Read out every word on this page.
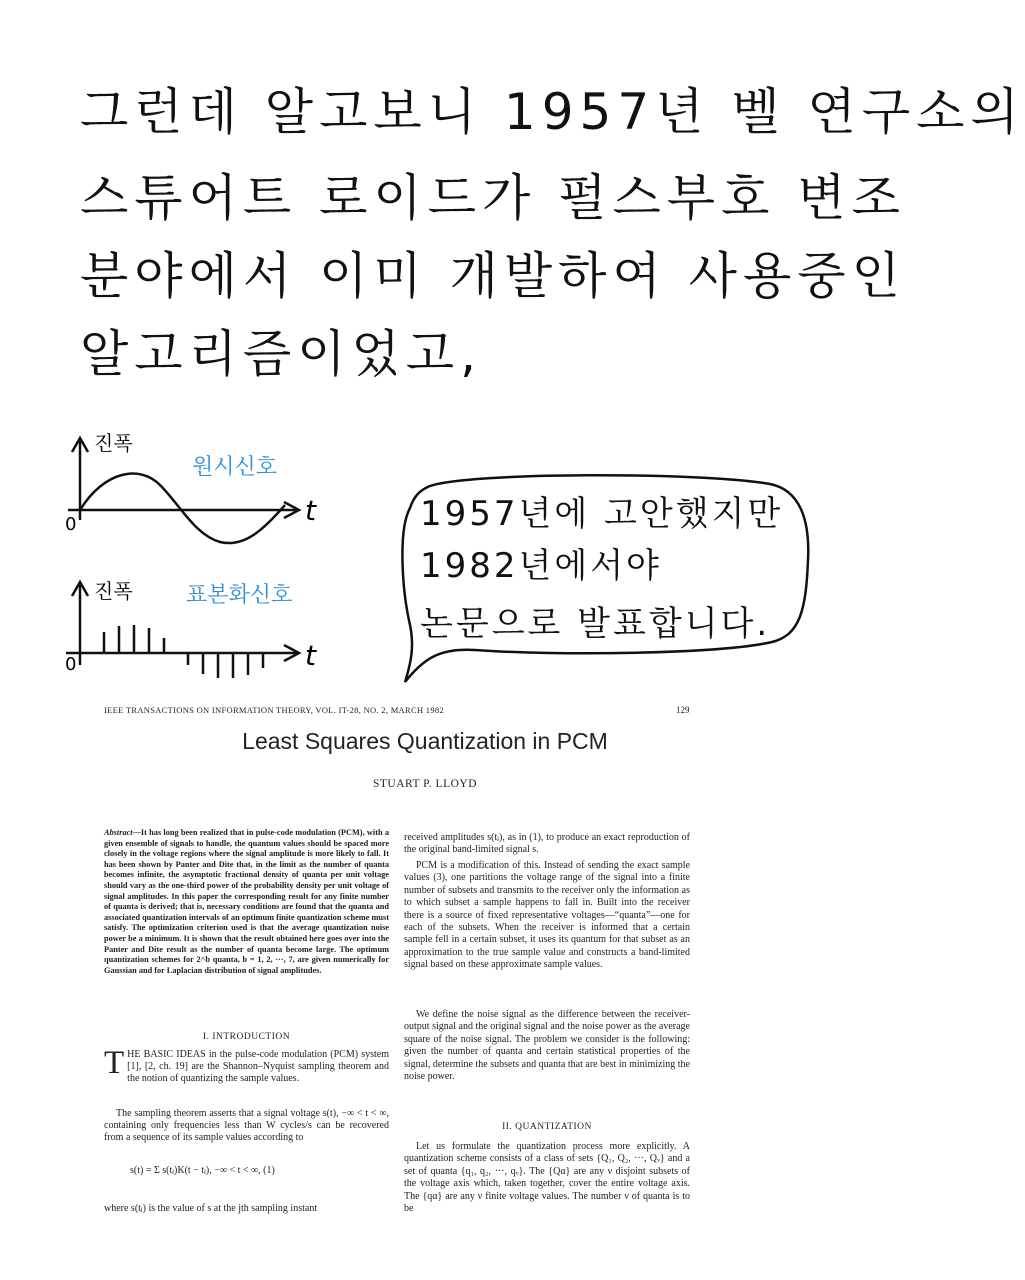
그런데 알고보니 1957년 벨 연구소의
스튜어트 로이드가 펄스부호 변조
분야에서 이미 개발하여 사용중인
알고리즘이었고,
진폭
원시신호
t
0
진폭 표본화신호
t
0
1957년에 고안했지만
1982년에서야
논문으로 발표합니다.
IEEE TRANSACTIONS ON INFORMATION THEORY, VOL. IT-28, NO. 2, MARCH 1982	129
Least Squares Quantization in PCM
STUART P. LLOYD
Abstract—It has long been realized that in pulse-code modulation (PCM), with a given ensemble of signals to handle, the quantum values should be spaced more closely in the voltage regions where the signal amplitude is more likely to fall. It has been shown by Panter and Dite that, in the limit as the number of quanta becomes infinite, the asymptotic fractional density of quanta per unit voltage should vary as the one-third power of the probability density per unit voltage of signal amplitudes. In this paper the corresponding result for any finite number of quanta is derived; that is, necessary conditions are found that the quanta and associated quantization intervals of an optimum finite quantization scheme must satisfy. The optimization criterion used is that the average quantization noise power be a minimum. It is shown that the result obtained here goes over into the Panter and Dite result as the number of quanta become large. The optimum quantization schemes for 2^b quanta, b = 1, 2, ···, 7, are given numerically for Gaussian and for Laplacian distribution of signal amplitudes.
I. INTRODUCTION
THE BASIC IDEAS in the pulse-code modulation (PCM) system [1], [2, ch. 19] are the Shannon–Nyquist sampling theorem and the notion of quantizing the sample values.
The sampling theorem asserts that a signal voltage s(t), −∞ < t < ∞, containing only frequencies less than W cycles/s can be recovered from a sequence of its sample values according to
s(t) = Σ s(tⱼ)K(t − tⱼ), −∞ < t < ∞, (1)
where s(tⱼ) is the value of s at the jth sampling instant
received amplitudes s(tⱼ), as in (1), to produce an exact reproduction of the original band-limited signal s.
PCM is a modification of this. Instead of sending the exact sample values (3), one partitions the voltage range of the signal into a finite number of subsets and transmits to the receiver only the information as to which subset a sample happens to fall in. Built into the receiver there is a source of fixed representative voltages—“quanta”—one for each of the subsets. When the receiver is informed that a certain sample fell in a certain subset, it uses its quantum for that subset as an approximation to the true sample value and constructs a band-limited signal based on these approximate sample values.
We define the noise signal as the difference between the receiver-output signal and the original signal and the noise power as the average square of the noise signal. The problem we consider is the following: given the number of quanta and certain statistical properties of the signal, determine the subsets and quanta that are best in minimizing the noise power.
II. QUANTIZATION
Let us formulate the quantization process more explicitly. A quantization scheme consists of a class of sets {Q₁, Q₂, ···, Qᵥ} and a set of quanta {q₁, q₂, ···, qᵥ}. The {Qα} are any ν disjoint subsets of the voltage axis which, taken together, cover the entire voltage axis. The {qα} are any ν finite voltage values. The number ν of quanta is to be
